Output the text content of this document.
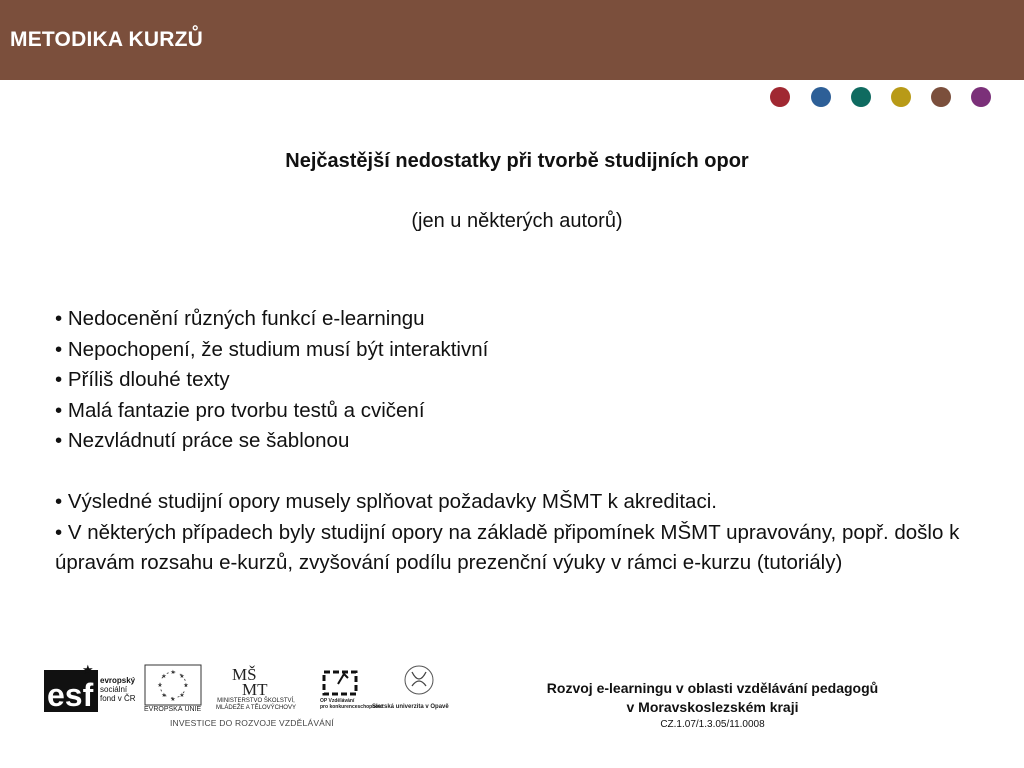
METODIKA KURZŮ
Nejčastější nedostatky při tvorbě studijních opor
(jen u některých autorů)
• Nedocenění různých funkcí e-learningu
• Nepochopení, že studium musí být interaktivní
• Příliš dlouhé texty
• Malá fantazie pro tvorbu testů a cvičení
• Nezvládnutí práce se šablonou
• Výsledné studijní opory musely splňovat požadavky MŠMT k akreditaci.
• V některých případech byly studijní opory na základě připomínek MŠMT upravovány, popř. došlo k úpravám rozsahu e-kurzů, zvyšování podílu prezenční výuky v rámci e-kurzu (tutoriály)
esf
★
evropský
sociální
fond v ČR
★
★
★	★
★ ★
★ ★
EVROPSKÁ UNIE
MŠ
MT
MINISTERSTVO ŠKOLSTVÍ,
MLÁDEŽE A TĚLOVÝCHOVY
OP Vzdělávání
pro konkurenceschopnost
Slezská univerzita v Opavě
INVESTICE DO ROZVOJE VZDĚLÁVÁNÍ
Rozvoj e-learningu v oblasti vzdělávání pedagogů
v Moravskoslezském kraji
CZ.1.07/1.3.05/11.0008
